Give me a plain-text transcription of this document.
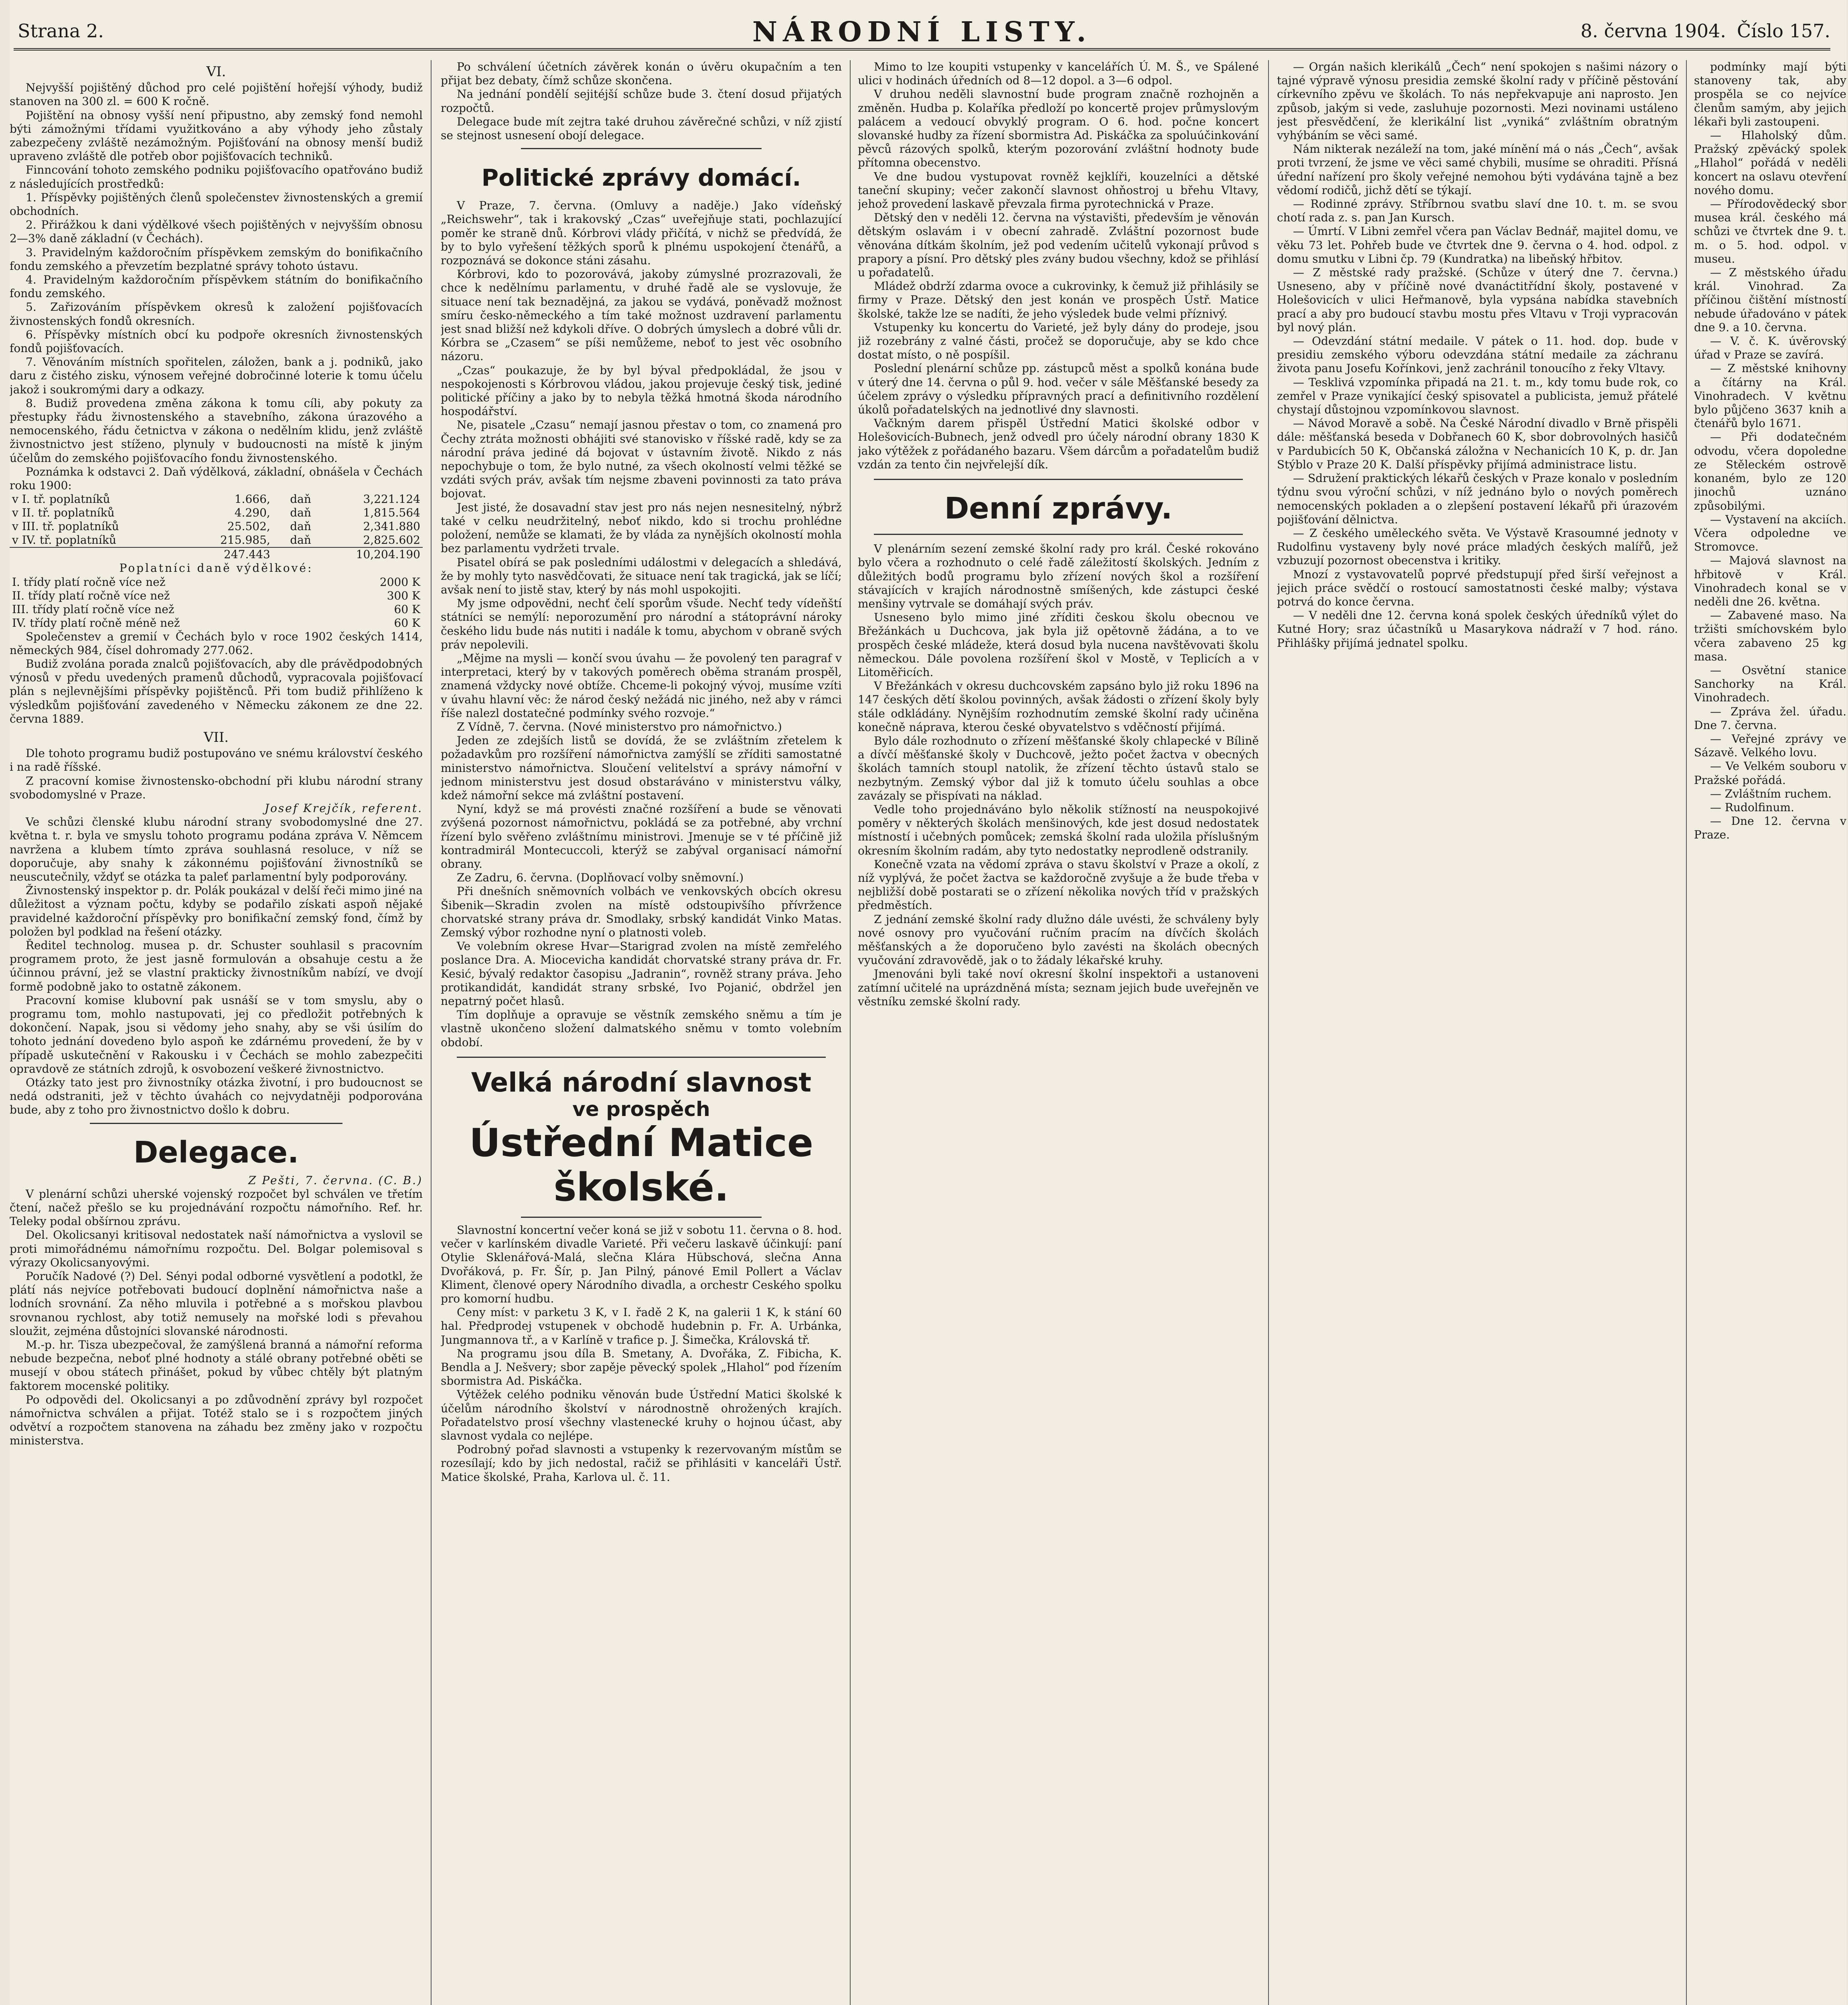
Strana 2.	NÁRODNÍ LISTY.	8. června 1904. Číslo 157.

VI.

Nejvyšší pojištěný důchod pro celé pojištění hořejší výhody, budiž stanoven na 300 zl. = 600 K ročně.

Pojištění na obnosy vyšší není připustno, aby zemský fond nemohl býti zámožnými třídami využitkováno a aby výhody jeho zůstaly zabezpečeny zvláště nezámožným. Pojišťování na obnosy menší budiž upraveno zvláště dle potřeb obor pojišťovacích techniků.

Finncování tohoto zemského podniku pojišťovacího opatřováno budiž z následujících prostředků:

1. Příspěvky pojištěných členů společenstev živnostenských a gremií obchodních.

2. Přirážkou k dani výdělkové všech pojištěných v nejvyšším obnosu 2—3% daně základní (v Čechách).

3. Pravidelným každoročním příspěvkem zemským do bonifikačního fondu zemského a převzetím bezplatné správy tohoto ústavu.

4. Pravidelným každoročním příspěvkem státním do bonifikačního fondu zemského.

5. Zařizováním příspěvkem okresů k založení pojišťovacích živnostenských fondů okresních.

6. Příspěvky místních obcí ku podpoře okresních živnostenských fondů pojišťovacích.

7. Věnováním místních spořitelen, záložen, bank a j. podniků, jako daru z čistého zisku, výnosem veřejné dobročinné loterie k tomu účelu jakož i soukromými dary a odkazy.

8. Budiž provedena změna zákona k tomu cíli, aby pokuty za přestupky řádu živnostenského a stavebního, zákona úrazového a nemocenského, řádu četnictva v zákona o nedělním klidu, jenž zvláště živnostnictvo jest stíženo, plynuly v budoucnosti na místě k jiným účelům do zemského pojišťovacího fondu živnostenského.

Poznámka k odstavci 2. Daň výdělková, základní, obnášela v Čechách roku 1900:

v I. tř. poplatníků	1.666,	daň	3,221.124
v II. tř. poplatníků	4.290,	daň	1,815.564
v III. tř. poplatníků	25.502,	daň	2,341.880
v IV. tř. poplatníků	215.985,	daň	2,825.602
	247.443		10,204.190

Poplatníci daně výdělkové:

I. třídy platí ročně více než	2000 K
II. třídy platí ročně více než	300 K
III. třídy platí ročně více než	60 K
IV. třídy platí ročně méně než	60 K

Společenstev a gremií v Čechách bylo v roce 1902 českých 1414, německých 984, čísel dohromady 277.062.

Budiž zvolána porada znalců pojišťovacích, aby dle právědpodobných výnosů v předu uvedených pramenů důchodů, vypracovala pojišťovací plán s nejlevnějšími příspěvky pojištěnců. Při tom budiž přihlíženo k výsledkům pojišťování zavedeného v Německu zákonem ze dne 22. června 1889.

VII.

Dle tohoto programu budiž postupováno ve snému království českého i na radě říšské.

Z pracovní komise živnostensko-obchodní při klubu národní strany svobodomyslné v Praze.

Josef Krejčík, referent.

Ve schůzi členské klubu národní strany svobodomyslné dne 27. května t. r. byla ve smyslu tohoto programu podána zpráva V. Němcem navržena a klubem tímto zpráva souhlasná resoluce, v níž se doporučuje, aby snahy k zákonnému pojišťování živnostníků se neuscutečnily, vždyť se otázka ta paleť parlamentní byly podporovány.

Živnostenský inspektor p. dr. Polák poukázal v delší řeči mimo jiné na důležitost a význam počtu, kdyby se podařilo získati aspoň nějaké pravidelné každoroční příspěvky pro bonifikační zemský fond, čímž by položen byl podklad na řešení otázky.

Ředitel technolog. musea p. dr. Schuster souhlasil s pracovním programem proto, že jest jasně formulován a obsahuje cestu a že účinnou právní, jež se vlastní prakticky živnostníkům nabízí, ve dvojí formě podobně jako to ostatně zákonem.

Pracovní komise klubovní pak usnáší se v tom smyslu, aby o programu tom, mohlo nastupovati, jej co předložit potřebných k dokončení. Napak, jsou si vědomy jeho snahy, aby se vši úsilím do tohoto jednání dovedeno bylo aspoň ke zdárnému provedení, že by v případě uskutečnění v Rakousku i v Čechách se mohlo zabezpečiti opravdově ze státních zdrojů, k osvobození veškeré živnostnictvo.

Otázky tato jest pro živnostníky otázka životní, i pro budoucnost se nedá odstraniti, jež v těchto úvahách co nejvydatněji podporována bude, aby z toho pro živnostnictvo došlo k dobru.

Delegace.

Z Pešti, 7. června. (C. B.)

V plenární schůzi uherské vojenský rozpočet byl schválen ve třetím čtení, načež přešlo se ku projednávání rozpočtu námořního. Ref. hr. Teleky podal obšírnou zprávu.

Del. Okolicsanyi kritisoval nedostatek naší námořnictva a vyslovil se proti mimořádnému námořnímu rozpočtu. Del. Bolgar polemisoval s výrazy Okolicsanyovými.

Poručík Nadové (?) Del. Sényi podal odborné vysvětlení a podotkl, že plátí nás nejvíce potřebovati budoucí doplnění námořnictva naše a lodních srovnání. Za něho mluvila i potřebné a s mořskou plavbou srovnanou rychlost, aby totiž nemusely na mořské lodi s převahou sloužit, zejména důstojníci slovanské národnosti.

M.-p. hr. Tisza ubezpečoval, že zamýšlená branná a námořní reforma nebude bezpečna, neboť plné hodnoty a stálé obrany potřebné oběti se musejí v obou státech přinášet, pokud by vůbec chtěly být platným faktorem mocenské politiky.

Po odpovědi del. Okolicsanyi a po zdůvodnění zprávy byl rozpočet námořnictva schválen a přijat. Totéž stalo se i s rozpočtem jiných odvětví a rozpočtem stanovena na záhadu bez změny jako v rozpočtu ministerstva.

Po schválení účetních závěrek konán o úvěru okupačním a ten přijat bez debaty, čímž schůze skončena.

Na jednání pondělí sejitéjší schůze bude 3. čtení dosud přijatých rozpočtů.

Delegace bude mít zejtra také druhou závěrečné schůzi, v níž zjistí se stejnost usnesení obojí delegace.

Politické zprávy domácí.

V Praze, 7. června. (Omluvy a naděje.) Jako vídeňský „Reichswehr“, tak i krakovský „Czas“ uveřejňuje stati, pochlazující poměr ke straně dnů. Kórbrovi vlády přičítá, v nichž se předvídá, že by to bylo vyřešení těžkých sporů k plnému uspokojení čtenářů, a rozpoznává se dokonce stáni zásahu.

Kórbrovi, kdo to pozorovává, jakoby zúmyslné prozrazovali, že chce k nedělnímu parlamentu, v druhé řadě ale se vyslovuje, že situace není tak beznadějná, za jakou se vydává, poněvadž možnost smíru česko-německého a tím také možnost uzdravení parlamentu jest snad bližší než kdykoli dříve. O dobrých úmyslech a dobré vůli dr. Kórbra se „Czasem“ se píši nemůžeme, neboť to jest věc osobního názoru.

„Czas“ poukazuje, že by byl býval předpokládal, že jsou v nespokojenosti s Kórbrovou vládou, jakou projevuje český tisk, jediné politické příčiny a jako by to nebyla těžká hmotná škoda národního hospodářství.

Ne, pisatele „Czasu“ nemají jasnou přestav o tom, co znamená pro Čechy ztráta možnosti obhájiti své stanovisko v říšské radě, kdy se za národní práva jediné dá bojovat v ústavním životě. Nikdo z nás nepochybuje o tom, že bylo nutné, za všech okolností velmi těžké se vzdáti svých práv, avšak tím nejsme zbaveni povinnosti za tato práva bojovat.

Jest jisté, že dosavadní stav jest pro nás nejen nesnesitelný, nýbrž také v celku neudržitelný, neboť nikdo, kdo si trochu prohlédne položení, nemůže se klamati, že by vláda za nynějších okolností mohla bez parlamentu vydržeti trvale.

Pisatel obírá se pak posledními událostmi v delegacích a shledává, že by mohly tyto nasvědčovati, že situace není tak tragická, jak se líčí; avšak není to jistě stav, který by nás mohl uspokojiti.

My jsme odpovědni, nechť čelí sporům všude. Nechť tedy vídeňští státníci se nemýlí: neporozumění pro národní a státoprávní nároky českého lidu bude nás nutiti i nadále k tomu, abychom v obraně svých práv nepolevili.

„Mějme na mysli — končí svou úvahu — že povolený ten paragraf v interpretaci, který by v takových poměrech oběma stranám prospěl, znamená vždycky nové obtíže. Chceme-li pokojný vývoj, musíme vzíti v úvahu hlavní věc: že národ český nežádá nic jiného, než aby v rámci říše nalezl dostatečné podmínky svého rozvoje.“

Z Vídně, 7. června. (Nové ministerstvo pro námořnictvo.)

Jeden ze zdejších listů se dovídá, že se zvláštním zřetelem k požadavkům pro rozšíření námořnictva zamýšlí se zříditi samostatné ministerstvo námořnictva. Sloučení velitelství a správy námořní v jednom ministerstvu jest dosud obstaráváno v ministerstvu války, kdež námořní sekce má zvláštní postavení.

Nyní, když se má provésti značné rozšíření a bude se věnovati zvýšená pozornost námořnictvu, pokládá se za potřebné, aby vrchní řízení bylo svěřeno zvláštnímu ministrovi. Jmenuje se v té příčině již kontradmirál Montecuccoli, kterýž se zabýval organisací námořní obrany.

Ze Zadru, 6. června. (Doplňovací volby sněmovní.)

Při dnešních sněmovních volbách ve venkovských obcích okresu Šibenik—Skradin zvolen na místě odstoupivšího přívržence chorvatské strany práva dr. Smodlaky, srbský kandidát Vinko Matas. Zemský výbor rozhodne nyní o platnosti voleb.

Ve volebním okrese Hvar—Starigrad zvolen na místě zemřelého poslance Dra. A. Miocevicha kandidát chorvatské strany práva dr. Fr. Kesić, bývalý redaktor časopisu „Jadranin“, rovněž strany práva. Jeho protikandidát, kandidát strany srbské, Ivo Pojanić, obdržel jen nepatrný počet hlasů.

Tím doplňuje a opravuje se věstník zemského sněmu a tím je vlastně ukončeno složení dalmatského sněmu v tomto volebním období.

Velká národní slavnost
ve prospěch
Ústřední Matice školské.

Slavnostní koncertní večer koná se již v sobotu 11. června o 8. hod. večer v karlínském divadle Varieté. Při večeru laskavě účinkují: paní Otylie Sklenářová-Malá, slečna Klára Hübschová, slečna Anna Dvořáková, p. Fr. Šír, p. Jan Pilný, pánové Emil Pollert a Václav Kliment, členové opery Národního divadla, a orchestr Ceského spolku pro komorní hudbu.

Ceny míst: v parketu 3 K, v I. řadě 2 K, na galerii 1 K, k stání 60 hal. Předprodej vstupenek v obchodě hudebnin p. Fr. A. Urbánka, Jungmannova tř., a v Karlíně v trafice p. J. Šimečka, Královská tř.

Na programu jsou díla B. Smetany, A. Dvořáka, Z. Fibicha, K. Bendla a J. Nešvery; sbor zapěje pěvecký spolek „Hlahol“ pod řízením sbormistra Ad. Piskáčka.

Výtěžek celého podniku věnován bude Ústřední Matici školské k účelům národního školství v národnostně ohrožených krajích. Pořadatelstvo prosí všechny vlastenecké kruhy o hojnou účast, aby slavnost vydala co nejlépe.

Podrobný pořad slavnosti a vstupenky k rezervovaným místům se rozesílají; kdo by jich nedostal, račiž se přihlásiti v kanceláři Ústř. Matice školské, Praha, Karlova ul. č. 11.

Mimo to lze koupiti vstupenky v kancelářích Ú. M. Š., ve Spálené ulici v hodinách úředních od 8—12 dopol. a 3—6 odpol.

V druhou neděli slavnostní bude program značně rozhojněn a změněn. Hudba p. Kolaříka předloží po koncertě projev průmyslovým palácem a vedoucí obvyklý program. O 6. hod. počne koncert slovanské hudby za řízení sbormistra Ad. Piskáčka za spoluúčinkování pěvců rázových spolků, kterým pozorování zvláštní hodnoty bude přítomna obecenstvo.

Ve dne budou vystupovat rovněž kejklíři, kouzelníci a dětské taneční skupiny; večer zakončí slavnost ohňostroj u břehu Vltavy, jehož provedení laskavě převzala firma pyrotechnická v Praze.

Dětský den v neděli 12. června na výstavišti, především je věnován dětským oslavám i v obecní zahradě. Zvláštní pozornost bude věnována dítkám školním, jež pod vedením učitelů vykonají průvod s prapory a písní. Pro dětský ples zvány budou všechny, kdož se přihlásí u pořadatelů.

Mládež obdrží zdarma ovoce a cukrovinky, k čemuž již přihlásily se firmy v Praze. Dětský den jest konán ve prospěch Ústř. Matice školské, takže lze se nadíti, že jeho výsledek bude velmi příznivý.

Vstupenky ku koncertu do Varieté, jež byly dány do prodeje, jsou již rozebrány z valné části, pročež se doporučuje, aby se kdo chce dostat místo, o ně pospíšil.

Poslední plenární schůze pp. zástupců měst a spolků konána bude v úterý dne 14. června o půl 9. hod. večer v sále Měšťanské besedy za účelem zprávy o výsledku přípravných prací a definitivního rozdělení úkolů pořadatelských na jednotlivé dny slavnosti.

Vačkným darem přispěl Ústřední Matici školské odbor v Holešovicích-Bubnech, jenž odvedl pro účely národní obrany 1830 K jako výtěžek z pořádaného bazaru. Všem dárcům a pořadatelům budiž vzdán za tento čin nejvřelejší dík.

Denní zprávy.

V plenárním sezení zemské školní rady pro král. České rokováno bylo včera a rozhodnuto o celé řadě záležitostí školských. Jedním z důležitých bodů programu bylo zřízení nových škol a rozšíření stávajících v krajích národnostně smíšených, kde zástupci české menšiny vytrvale se domáhají svých práv.

Usneseno bylo mimo jiné zříditi českou školu obecnou ve Břežánkách u Duchcova, jak byla již opětovně žádána, a to ve prospěch české mládeže, která dosud byla nucena navštěvovati školu německou. Dále povolena rozšíření škol v Mostě, v Teplicích a v Litoměřicích.

V Břežánkách v okresu duchcovském zapsáno bylo již roku 1896 na 147 českých dětí školou povinných, avšak žádosti o zřízení školy byly stále odkládány. Nynějším rozhodnutím zemské školní rady učiněna konečně náprava, kterou české obyvatelstvo s vděčností přijímá.

Bylo dále rozhodnuto o zřízení měšťanské školy chlapecké v Bílině a dívčí měšťanské školy v Duchcově, ježto počet žactva v obecných školách tamních stoupl natolik, že zřízení těchto ústavů stalo se nezbytným. Zemský výbor dal již k tomuto účelu souhlas a obce zavázaly se přispívati na náklad.

Vedle toho projednáváno bylo několik stížností na neuspokojivé poměry v některých školách menšinových, kde jest dosud nedostatek místností i učebných pomůcek; zemská školní rada uložila příslušným okresním školním radám, aby tyto nedostatky neprodleně odstranily.

Konečně vzata na vědomí zpráva o stavu školství v Praze a okolí, z níž vyplývá, že počet žactva se každoročně zvyšuje a že bude třeba v nejbližší době postarati se o zřízení několika nových tříd v pražských předměstích.

Z jednání zemské školní rady dlužno dále uvésti, že schváleny byly nové osnovy pro vyučování ručním pracím na dívčích školách měšťanských a že doporučeno bylo zavésti na školách obecných vyučování zdravovědě, jak o to žádaly lékařské kruhy.

Jmenováni byli také noví okresní školní inspektoři a ustanoveni zatímní učitelé na uprázdněná místa; seznam jejich bude uveřejněn ve věstníku zemské školní rady.

— Orgán našich klerikálů „Čech“ není spokojen s našimi názory o tajné výpravě výnosu presidia zemské školní rady v příčině pěstování církevního zpěvu ve školách. To nás nepřekvapuje ani naprosto. Jen způsob, jakým si vede, zasluhuje pozornosti. Mezi novinami ustáleno jest přesvědčení, že klerikální list „vyniká“ zvláštním obratným vyhýbáním se věci samé.

Nám nikterak nezáleží na tom, jaké mínění má o nás „Čech“, avšak proti tvrzení, že jsme ve věci samé chybili, musíme se ohraditi. Přísná úřední nařízení pro školy veřejné nemohou býti vydávána tajně a bez vědomí rodičů, jichž dětí se týkají.

— Rodinné zprávy. Stříbrnou svatbu slaví dne 10. t. m. se svou chotí rada z. s. pan Jan Kursch.

— Úmrtí. V Libni zemřel včera pan Václav Bednář, majitel domu, ve věku 73 let. Pohřeb bude ve čtvrtek dne 9. června o 4. hod. odpol. z domu smutku v Libni čp. 79 (Kundratka) na libeňský hřbitov.

— Z městské rady pražské. (Schůze v úterý dne 7. června.) Usneseno, aby v příčině nové dvanáctitřídní školy, postavené v Holešovicích v ulici Heřmanově, byla vypsána nabídka stavebních prací a aby pro budoucí stavbu mostu přes Vltavu v Troji vypracován byl nový plán.

— Odevzdání státní medaile. V pátek o 11. hod. dop. bude v presidiu zemského výboru odevzdána státní medaile za záchranu života panu Josefu Kořínkovi, jenž zachránil tonoucího z řeky Vltavy.

— Tesklivá vzpomínka připadá na 21. t. m., kdy tomu bude rok, co zemřel v Praze vynikající český spisovatel a publicista, jemuž přátelé chystají důstojnou vzpomínkovou slavnost.

— Návod Moravě a sobě. Na České Národní divadlo v Brně přispěli dále: měšťanská beseda v Dobřanech 60 K, sbor dobrovolných hasičů v Pardubicích 50 K, Občanská záložna v Nechanicích 10 K, p. dr. Jan Stýblo v Praze 20 K. Další příspěvky přijímá administrace listu.

— Sdružení praktických lékařů českých v Praze konalo v posledním týdnu svou výroční schůzi, v níž jednáno bylo o nových poměrech nemocenských pokladen a o zlepšení postavení lékařů při úrazovém pojišťování dělnictva.

— Z českého uměleckého světa. Ve Výstavě Krasoumné jednoty v Rudolfinu vystaveny byly nové práce mladých českých malířů, jež vzbuzují pozornost obecenstva i kritiky.

Mnozí z vystavovatelů poprvé předstupují před širší veřejnost a jejich práce svědčí o rostoucí samostatnosti české malby; výstava potrvá do konce června.

— V neděli dne 12. června koná spolek českých úředníků výlet do Kutné Hory; sraz účastníků u Masarykova nádraží v 7 hod. ráno. Přihlášky přijímá jednatel spolku.

podmínky mají býti stanoveny tak, aby prospěla se co nejvíce členům samým, aby jejich lékaři byli zastoupeni.

— Hlaholský dům. Pražský zpěvácký spolek „Hlahol“ pořádá v neděli koncert na oslavu otevření nového domu.

— Přírodovědecký sbor musea král. českého má schůzi ve čtvrtek dne 9. t. m. o 5. hod. odpol. v museu.

— Z městského úřadu král. Vinohrad. Za příčinou čištění místností nebude úřadováno v pátek dne 9. a 10. června.

— V. č. K. úvěrovský úřad v Praze se zavírá.

— Z městské knihovny a čítárny na Král. Vinohradech. V květnu bylo půjčeno 3637 knih a čtenářů bylo 1671.

— Při dodatečném odvodu, včera dopoledne ze Stěleckém ostrově konaném, bylo ze 120 jinochů uznáno způsobilými.

— Vystavení na akciích. Včera odpoledne ve Stromovce.

— Majová slavnost na hřbitově v Král. Vinohradech konal se v neděli dne 26. května.

— Zabavené maso. Na tržišti smíchovském bylo včera zabaveno 25 kg masa.

— Osvětní stanice Sanchorky na Král. Vinohradech.

— Zpráva žel. úřadu. Dne 7. června.

— Veřejné zprávy ve Sázavě. Velkého lovu.

— Ve Velkém souboru v Pražské pořádá.

— Zvláštním ruchem.

— Rudolfinum.

— Dne 12. června v Praze.
